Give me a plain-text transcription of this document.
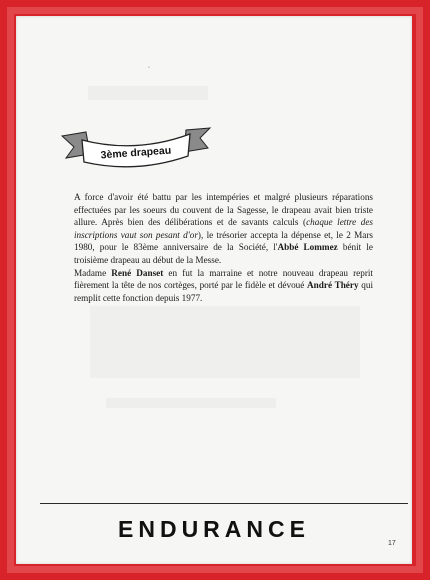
•
3ème drapeau

A force d'avoir été battu par les intempéries et malgré plusieurs réparations effectuées par les soeurs du couvent de la Sagesse, le drapeau avait bien triste allure. Après bien des délibérations et de savants calculs (chaque lettre des inscriptions vaut son pesant d'or), le trésorier accepta la dépense et, le 2 Mars 1980, pour le 83ème anniversaire de la Société, l'Abbé Lommez bénit le troisième drapeau au début de la Messe.

Madame René Danset en fut la marraine et notre nouveau drapeau reprit fièrement la tête de nos cortèges, porté par le fidèle et dévoué André Théry qui remplit cette fonction depuis 1977.

ENDURANCE
17
